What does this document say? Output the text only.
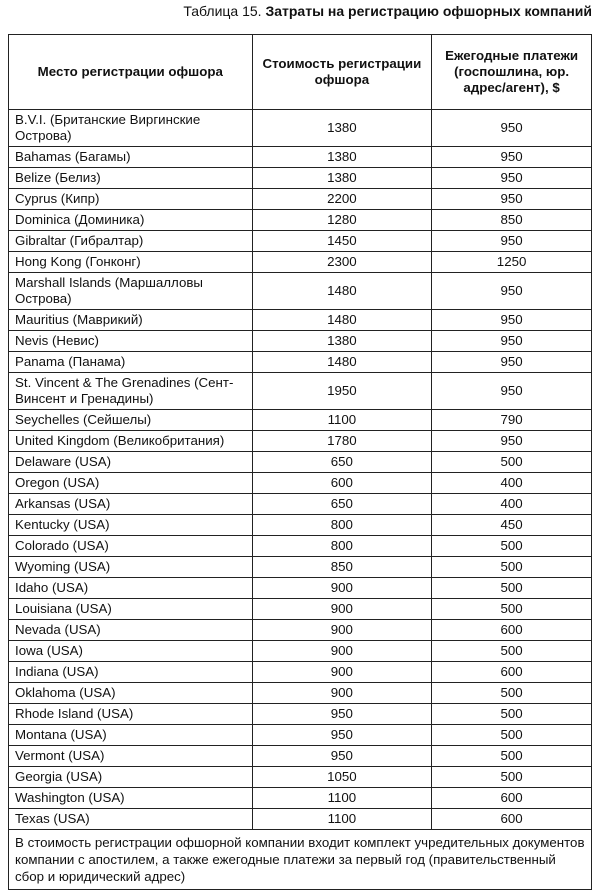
Таблица 15. Затраты на регистрацию офшорных компаний
Место регистрации офшора	Стоимость регистрации офшора	Ежегодные платежи (госпошлина, юр. адрес/агент), $
B.V.I. (Британские Виргинские Острова)	1380	950
Bahamas (Багамы)	1380	950
Belize (Белиз)	1380	950
Cyprus (Кипр)	2200	950
Dominica (Доминика)	1280	850
Gibraltar (Гибралтар)	1450	950
Hong Kong (Гонконг)	2300	1250
Marshall Islands (Маршалловы Острова)	1480	950
Mauritius (Маврикий)	1480	950
Nevis (Невис)	1380	950
Panama (Панама)	1480	950
St. Vincent & The Grenadines (Сент-Винсент и Гренадины)	1950	950
Seychelles (Сейшелы)	1100	790
United Kingdom (Великобритания)	1780	950
Delaware (USA)	650	500
Oregon (USA)	600	400
Arkansas (USA)	650	400
Kentucky (USA)	800	450
Colorado (USA)	800	500
Wyoming (USA)	850	500
Idaho (USA)	900	500
Louisiana (USA)	900	500
Nevada (USA)	900	600
Iowa (USA)	900	500
Indiana (USA)	900	600
Oklahoma (USA)	900	500
Rhode Island (USA)	950	500
Montana (USA)	950	500
Vermont (USA)	950	500
Georgia (USA)	1050	500
Washington (USA)	1100	600
Texas (USA)	1100	600
В стоимость регистрации офшорной компании входит комплект учредительных документов компании с апостилем, а также ежегодные платежи за первый год (правительственный сбор и юридический адрес)		
